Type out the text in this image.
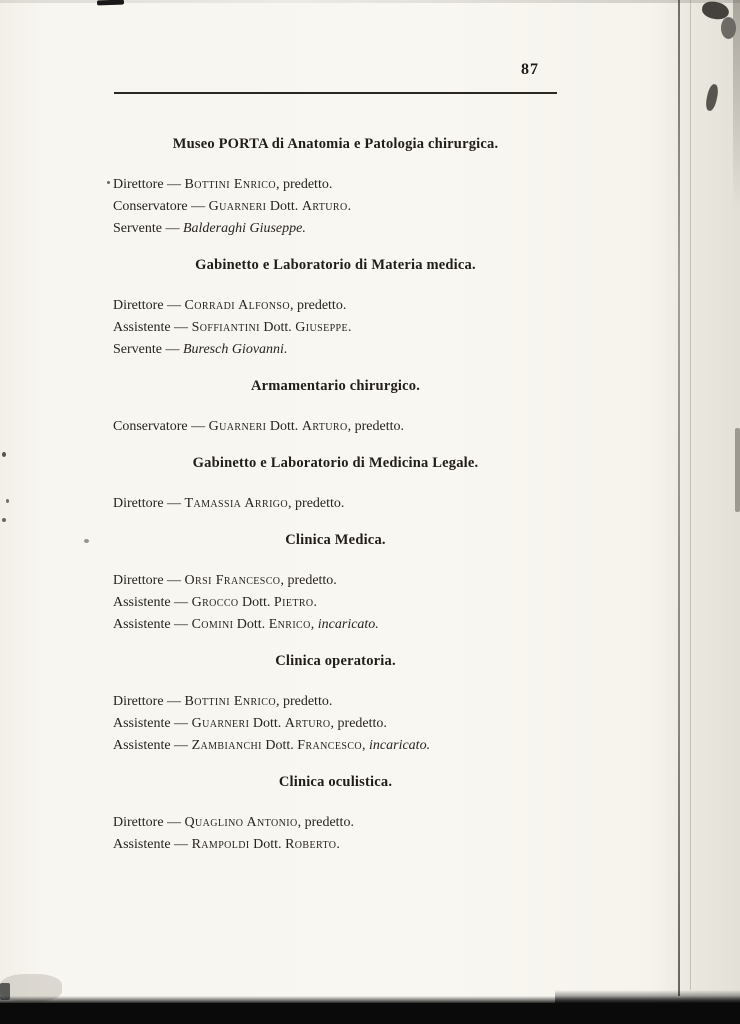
87
Museo PORTA di Anatomia e Patologia chirurgica.

Direttore — Bottini Enrico, predetto.

Conservatore — Guarneri Dott. Arturo.

Servente — Balderaghi Giuseppe.

Gabinetto e Laboratorio di Materia medica.

Direttore — Corradi Alfonso, predetto.

Assistente — Soffiantini Dott. Giuseppe.

Servente — Buresch Giovanni.

Armamentario chirurgico.

Conservatore — Guarneri Dott. Arturo, predetto.

Gabinetto e Laboratorio di Medicina Legale.

Direttore — Tamassia Arrigo, predetto.

Clinica Medica.

Direttore — Orsi Francesco, predetto.

Assistente — Grocco Dott. Pietro.

Assistente — Comini Dott. Enrico, incaricato.

Clinica operatoria.

Direttore — Bottini Enrico, predetto.

Assistente — Guarneri Dott. Arturo, predetto.

Assistente — Zambianchi Dott. Francesco, incaricato.

Clinica oculistica.

Direttore — Quaglino Antonio, predetto.

Assistente — Rampoldi Dott. Roberto.
